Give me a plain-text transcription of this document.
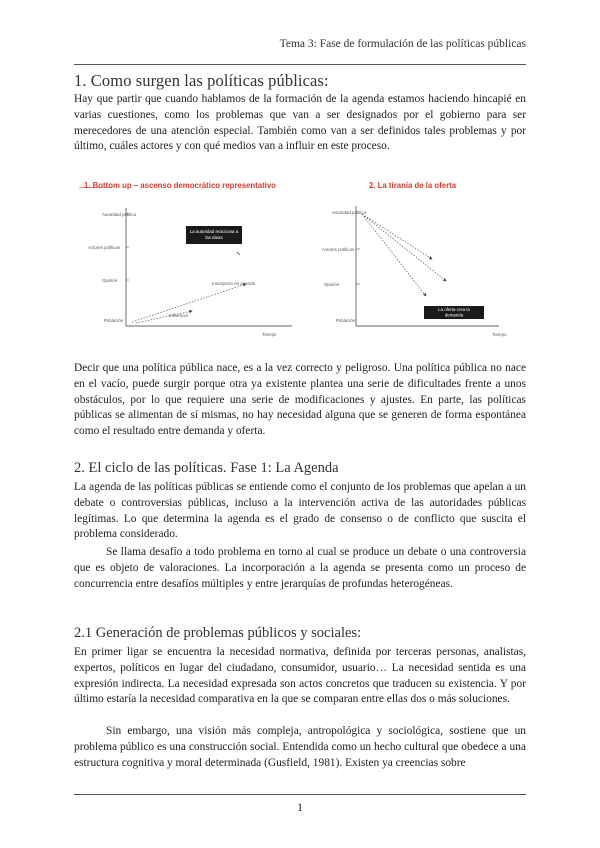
Tema 3: Fase de formulación de las políticas públicas
1. Como surgen las políticas públicas:

Hay que partir que cuando hablamos de la formación de la agenda estamos haciendo hincapié en varias cuestiones, como los problemas que van a ser designados por el gobierno para ser merecedores de una atención especial. También como van a ser definidos tales problemas y por último, cuáles actores y con qué medios van a influir en este proceso.

1. Bottom up – ascenso democrático representativo
Autoridad pública
Actores políticos
Opinión
Población
La autoridad reacciona a
las ideas
Inscripción en agenda
Influencia
Tiempo
2. La tiranía de la oferta
Autoridad pública
Actores políticos
Opinión
Población
La oferta crea la
demanda
Tiempo

Decir que una política pública nace, es a la vez correcto y peligroso. Una política pública no nace en el vacío, puede surgir porque otra ya existente plantea una serie de dificultades frente a unos obstáculos, por lo que requiere una serie de modificaciones y ajustes. En parte, las políticas públicas se alimentan de sí mismas, no hay necesidad alguna que se generen de forma espontánea como el resultado entre demanda y oferta.

2. El ciclo de las políticas. Fase 1: La Agenda

La agenda de las políticas públicas se entiende como el conjunto de los problemas que apelan a un debate o controversias públicas, incluso a la intervención activa de las autoridades públicas legítimas. Lo que determina la agenda es el grado de consenso o de conflicto que suscita el problema considerado.

Se llama desafío a todo problema en torno al cual se produce un debate o una controversia que es objeto de valoraciones. La incorporación a la agenda se presenta como un proceso de concurrencia entre desafíos múltiples y entre jerarquías de profundas heterogéneas.

2.1 Generación de problemas públicos y sociales:

En primer ligar se encuentra la necesidad normativa, definida por terceras personas, analistas, expertos, políticos en lugar del ciudadano, consumidor, usuario… La necesidad sentida es una expresión indirecta. La necesidad expresada son actos concretos que traducen su existencia. Y por último estaría la necesidad comparativa en la que se comparan entre ellas dos o más soluciones.

Sin embargo, una visión más compleja, antropológica y sociológica, sostiene que un problema público es una construcción social. Entendida como un hecho cultural que obedece a una estructura cognitiva y moral determinada (Gusfield, 1981). Existen ya creencias sobre

1
